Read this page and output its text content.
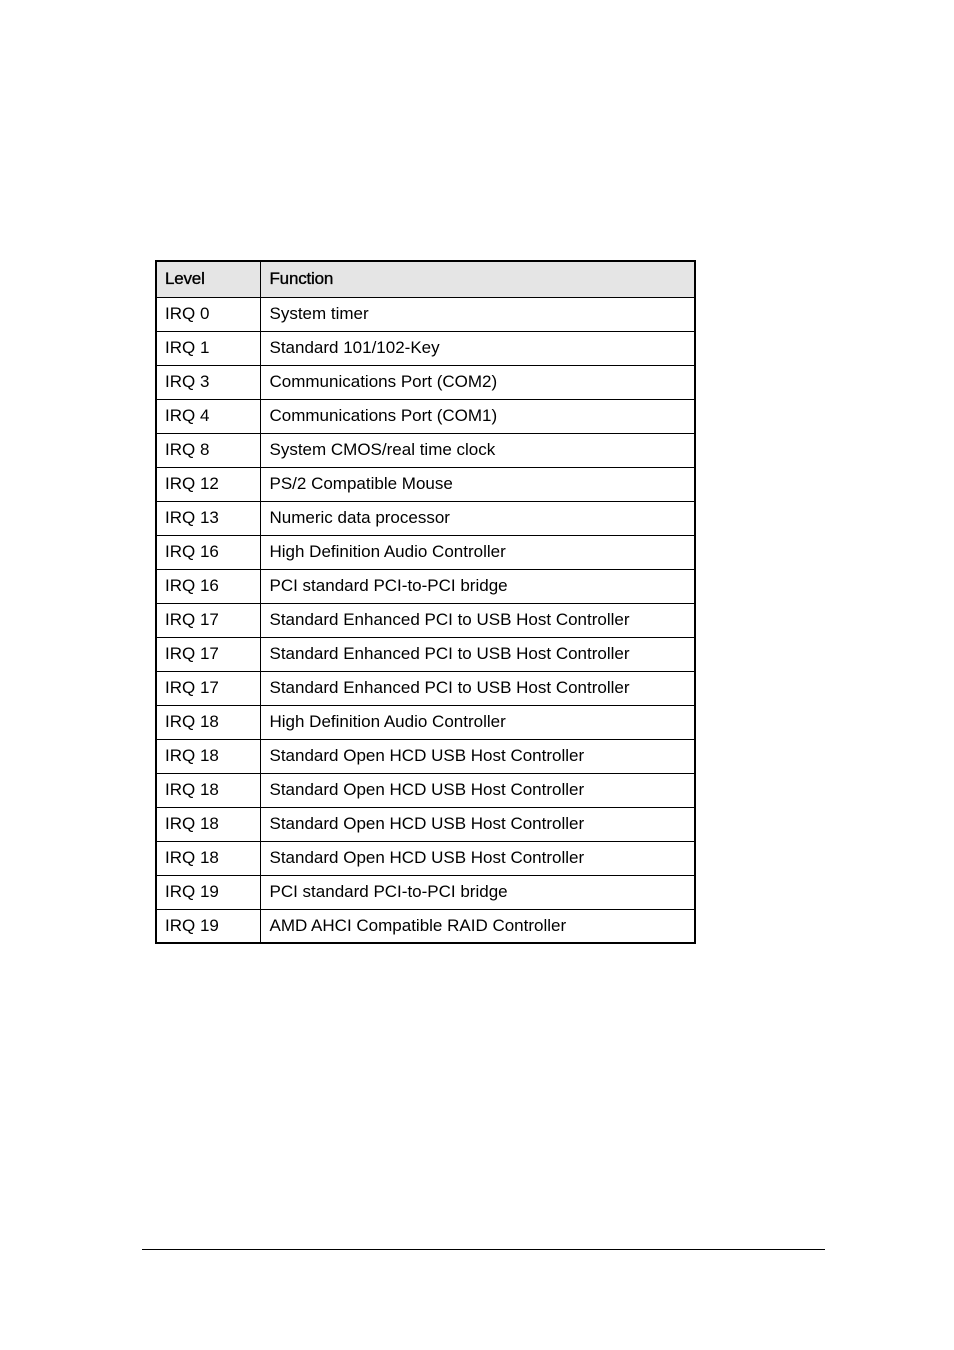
Level	Function
IRQ 0	System timer
IRQ 1	Standard 101/102-Key
IRQ 3	Communications Port (COM2)
IRQ 4	Communications Port (COM1)
IRQ 8	System CMOS/real time clock
IRQ 12	PS/2 Compatible Mouse
IRQ 13	Numeric data processor
IRQ 16	High Definition Audio Controller
IRQ 16	PCI standard PCI-to-PCI bridge
IRQ 17	Standard Enhanced PCI to USB Host Controller
IRQ 17	Standard Enhanced PCI to USB Host Controller
IRQ 17	Standard Enhanced PCI to USB Host Controller
IRQ 18	High Definition Audio Controller
IRQ 18	Standard Open HCD USB Host Controller
IRQ 18	Standard Open HCD USB Host Controller
IRQ 18	Standard Open HCD USB Host Controller
IRQ 18	Standard Open HCD USB Host Controller
IRQ 19	PCI standard PCI-to-PCI bridge
IRQ 19	AMD AHCI Compatible RAID Controller
